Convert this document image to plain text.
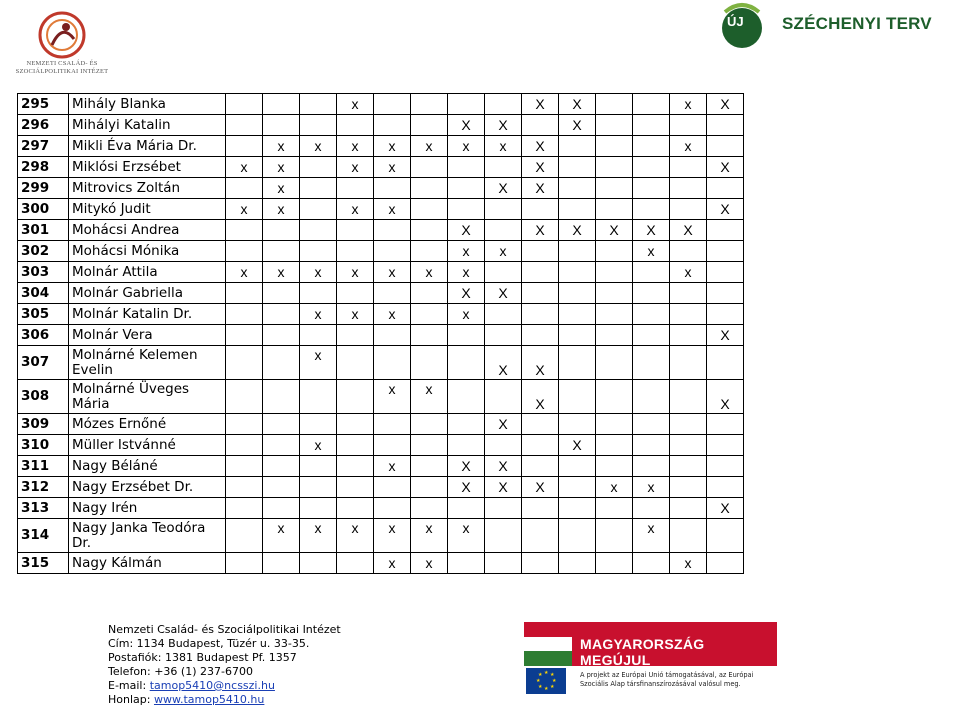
NEMZETI CSALÁD- ÉS
SZOCIÁLPOLITIKAI INTÉZET
ÚJ SZÉCHENYI TERV
295	Mihály Blanka				x					X	X			x	X
296	Mihályi Katalin							X	X		X				
297	Mikli Éva Mária Dr.		x	x	x	x	x	x	x	X				x	
298	Miklósi Erzsébet	x	x		x	x				X					X
299	Mitrovics Zoltán		x						X	X					
300	Mitykó Judit	x	x		x	x									X
301	Mohácsi Andrea							X		X	X	X	X	X	
302	Mohácsi Mónika							x	x				x		
303	Molnár Attila	x	x	x	x	x	x	x						x	
304	Molnár Gabriella							X	X						
305	Molnár Katalin Dr.			x	x	x		x							
306	Molnár Vera														X
307	Molnárné Kelemen Evelin			x					X	X					
308	Molnárné Üveges Mária					x	x			X					X
309	Mózes Ernőné								X						
310	Müller Istvánné			x							X				
311	Nagy Béláné					x		X	X						
312	Nagy Erzsébet Dr.							X	X	X		x	x		
313	Nagy Irén														X
314	Nagy Janka Teodóra Dr.		x	x	x	x	x	x					x		
315	Nagy Kálmán					x	x							x	
Nemzeti Család- és Szociálpolitikai Intézet
Cím: 1134 Budapest, Tüzér u. 33-35.
Postafiók: 1381 Budapest Pf. 1357
Telefon: +36 (1) 237-6700
E-mail: tamop5410@ncsszi.hu
Honlap: www.tamop5410.hu
MAGYARORSZÁG MEGÚJUL
★ ★
★
★
★
★
★
★	A projekt az Európai Unió támogatásával, az Európai Szociális Alap társfinanszírozásával valósul meg.
